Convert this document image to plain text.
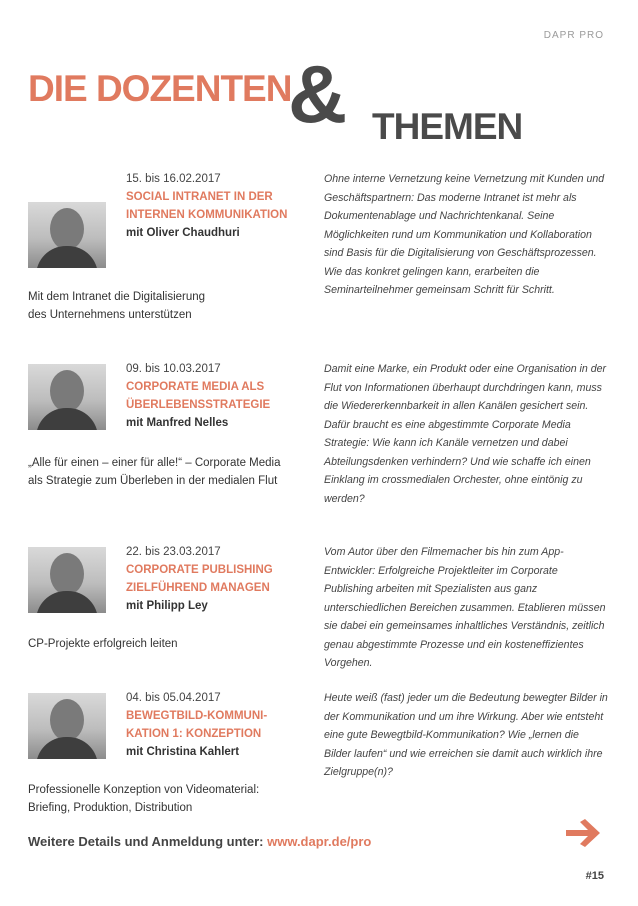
DAPR PRO
DIE DOZENTEN
& THEMEN
15. bis 16.02.2017
SOCIAL INTRANET IN DER
INTERNEN KOMMUNIKATION
mit Oliver Chaudhuri
Mit dem Intranet die Digitalisierung
des Unternehmens unterstützen
Ohne interne Vernetzung keine Vernetzung mit Kunden und Geschäftspartnern: Das moderne Intranet ist mehr als Dokumentenablage und Nachrichtenkanal. Seine Möglichkeiten rund um Kommunikation und Kollaboration sind Basis für die Digitalisierung von Geschäftsprozessen. Wie das konkret gelingen kann, erarbeiten die Seminarteilnehmer gemeinsam Schritt für Schritt.
09. bis 10.03.2017
CORPORATE MEDIA ALS
ÜBERLEBENSSTRATEGIE
mit Manfred Nelles
„Alle für einen – einer für alle!“ – Corporate Media
als Strategie zum Überleben in der medialen Flut
Damit eine Marke, ein Produkt oder eine Organisation in der Flut von Informationen überhaupt durchdringen kann, muss die Wiedererkennbarkeit in allen Kanälen gesichert sein. Dafür braucht es eine abgestimmte Corporate Media Strategie: Wie kann ich Kanäle vernetzen und dabei Abteilungsdenken verhindern? Und wie schaffe ich einen Einklang im crossmedialen Orchester, ohne eintönig zu werden?
22. bis 23.03.2017
CORPORATE PUBLISHING
ZIELFÜHREND MANAGEN
mit Philipp Ley
CP-Projekte erfolgreich leiten
Vom Autor über den Filmemacher bis hin zum App-Entwickler: Erfolgreiche Projektleiter im Corporate Publishing arbeiten mit Spezialisten aus ganz unterschiedlichen Bereichen zusammen. Etablieren müssen sie dabei ein gemeinsames inhaltliches Verständnis, zeitlich genau abgestimmte Prozesse und ein kosteneffizientes Vorgehen.
04. bis 05.04.2017
BEWEGTBILD-KOMMUNI-
KATION 1: KONZEPTION
mit Christina Kahlert
Professionelle Konzeption von Videomaterial:
Briefing, Produktion, Distribution
Heute weiß (fast) jeder um die Bedeutung bewegter Bilder in der Kommunikation und um ihre Wirkung. Aber wie entsteht eine gute Bewegtbild-Kommunikation? Wie „lernen die Bilder laufen“ und wie erreichen sie damit auch wirklich ihre Zielgruppe(n)?
Weitere Details und Anmeldung unter: www.dapr.de/pro
#15
